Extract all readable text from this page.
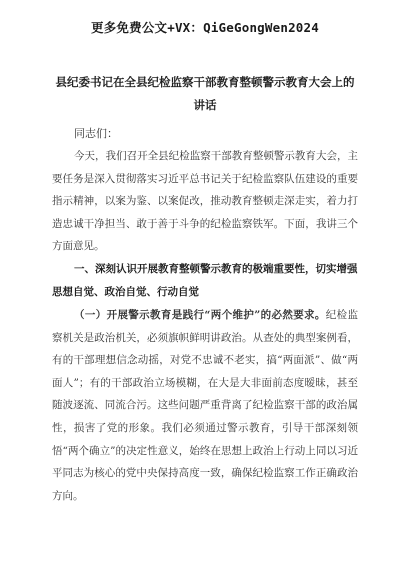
更多免费公文+VX：QiGeGongWen2024
县纪委书记在全县纪检监察干部教育整顿警示教育大会上的讲话

同志们：

今天，我们召开全县纪检监察干部教育整顿警示教育大会，主要任务是深入贯彻落实习近平总书记关于纪检监察队伍建设的重要指示精神，以案为鉴、以案促改，推动教育整顿走深走实，着力打造忠诚干净担当、敢于善于斗争的纪检监察铁军。下面，我讲三个方面意见。

一、深刻认识开展教育整顿警示教育的极端重要性，切实增强思想自觉、政治自觉、行动自觉

（一）开展警示教育是践行“两个维护”的必然要求。纪检监察机关是政治机关，必须旗帜鲜明讲政治。从查处的典型案例看，有的干部理想信念动摇，对党不忠诚不老实，搞“两面派”、做“两面人”；有的干部政治立场模糊，在大是大非面前态度暧昧，甚至随波逐流、同流合污。这些问题严重背离了纪检监察干部的政治属性，损害了党的形象。我们必须通过警示教育，引导干部深刻领悟“两个确立”的决定性意义，始终在思想上政治上行动上同以习近平同志为核心的党中央保持高度一致，确保纪检监察工作正确政治方向。
